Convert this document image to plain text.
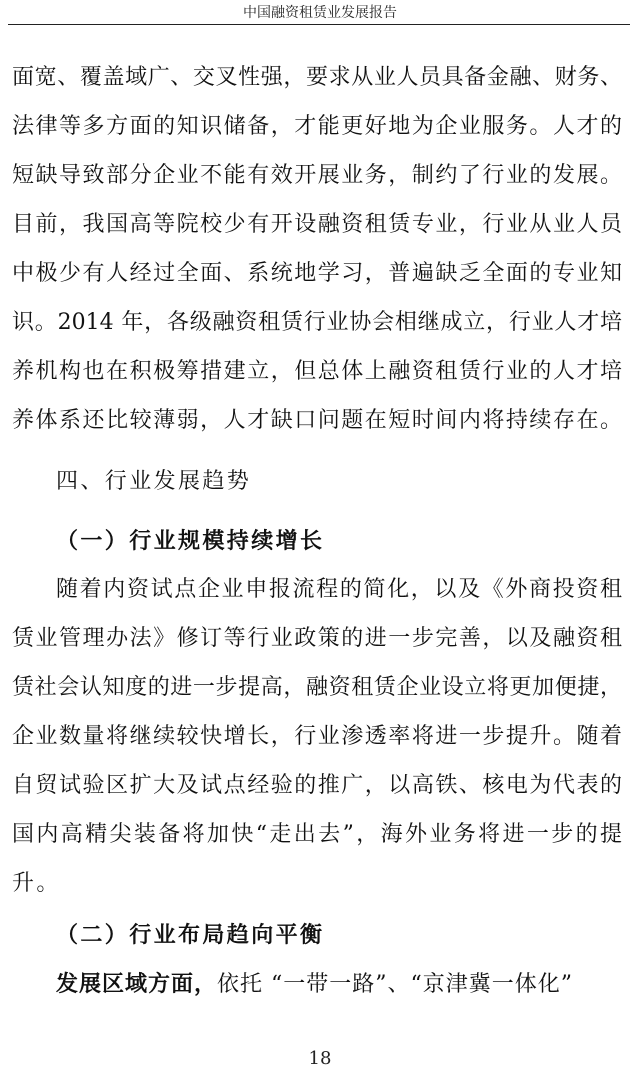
中国融资租赁业发展报告
面宽、覆盖域广、交叉性强，要求从业人员具备金融、财务、
法律等多方面的知识储备，才能更好地为企业服务。人才的
短缺导致部分企业不能有效开展业务，制约了行业的发展。
目前，我国高等院校少有开设融资租赁专业，行业从业人员
中极少有人经过全面、系统地学习，普遍缺乏全面的专业知
识。2014 年，各级融资租赁行业协会相继成立，行业人才培
养机构也在积极筹措建立，但总体上融资租赁行业的人才培
养体系还比较薄弱，人才缺口问题在短时间内将持续存在。
四、行业发展趋势
（一）行业规模持续增长
随着内资试点企业申报流程的简化，以及《外商投资租
赁业管理办法》修订等行业政策的进一步完善，以及融资租
赁社会认知度的进一步提高，融资租赁企业设立将更加便捷，
企业数量将继续较快增长，行业渗透率将进一步提升。随着
自贸试验区扩大及试点经验的推广，以高铁、核电为代表的
国内高精尖装备将加快“走出去”，海外业务将进一步的提
升。
（二）行业布局趋向平衡
发展区域方面，依托 “一带一路”、“京津冀一体化”
18
